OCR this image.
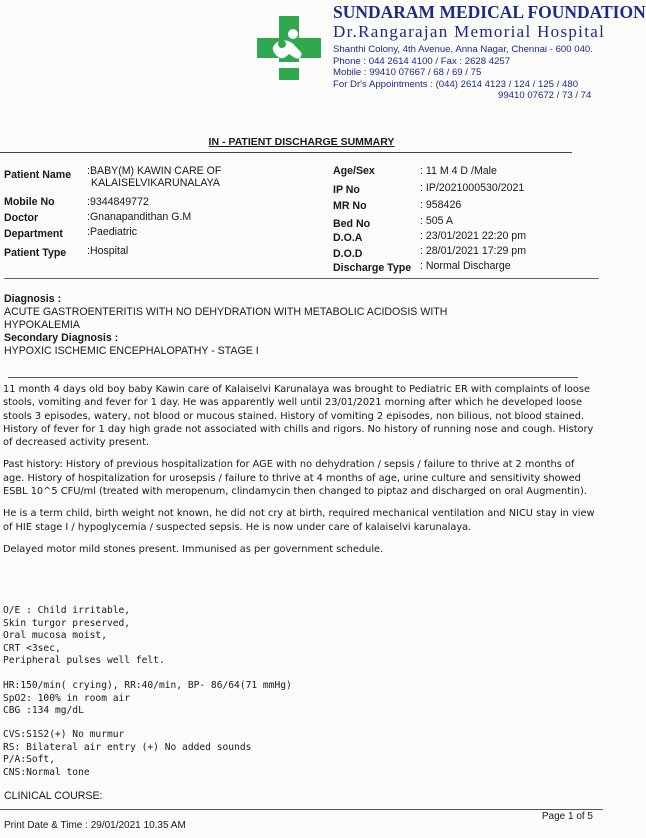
SUNDARAM MEDICAL FOUNDATION
Dr.Rangarajan Memorial Hospital
Shanthi Colony, 4th Avenue, Anna Nagar, Chennai - 600 040.
Phone : 044 2614 4100 / Fax : 2628 4257
Mobile : 99410 07667 / 68 / 69 / 75
For Dr's Appointments : (044) 2614 4123 / 124 / 125 / 480
99410 07672 / 73 / 74
IN - PATIENT DISCHARGE SUMMARY
Patient Name :BABY(M) KAWIN CARE OF
KALAISELVIKARUNALAYA
Mobile No	:9344849772
Doctor	:Gnanapandithan G.M
Department :Paediatric
Patient Type :Hospital
Age/Sex	: 11 M 4 D /Male
IP No	: IP/2021000530/2021
MR No	: 958426
Bed No	: 505 A
D.O.A	: 23/01/2021 22:20 pm
D.O.D	: 28/01/2021 17:29 pm
Discharge Type : Normal Discharge
Diagnosis :
ACUTE GASTROENTERITIS WITH NO DEHYDRATION WITH METABOLIC ACIDOSIS WITH
HYPOKALEMIA
Secondary Diagnosis :
HYPOXIC ISCHEMIC ENCEPHALOPATHY - STAGE I

11 month 4 days old boy baby Kawin care of Kalaiselvi Karunalaya was brought to Pediatric ER with complaints of loose stools, vomiting and fever for 1 day. He was apparently well until 23/01/2021 morning after which he developed loose stools 3 episodes, watery, not blood or mucous stained. History of vomiting 2 episodes, non bilious, not blood stained. History of fever for 1 day high grade not associated with chills and rigors. No history of running nose and cough. History of decreased activity present.

Past history: History of previous hospitalization for AGE with no dehydration / sepsis / failure to thrive at 2 months of age. History of hospitalization for urosepsis / failure to thrive at 4 months of age, urine culture and sensitivity showed ESBL 10^5 CFU/ml (treated with meropenum, clindamycin then changed to piptaz and discharged on oral Augmentin).

He is a term child, birth weight not known, he did not cry at birth, required mechanical ventilation and NICU stay in view of HIE stage I / hypoglycemia / suspected sepsis. He is now under care of kalaiselvi karunalaya.

Delayed motor mild stones present. Immunised as per government schedule.

O/E : Child irritable,
Skin turgor preserved,
Oral mucosa moist,
CRT <3sec,
Peripheral pulses well felt.
HR:150/min( crying), RR:40/min, BP- 86/64(71 mmHg)
SpO2: 100% in room air
CBG :134 mg/dL
CVS:S1S2(+) No murmur
RS: Bilateral air entry (+) No added sounds
P/A:Soft,
CNS:Normal tone
CLINICAL COURSE:
Print Date & Time : 29/01/2021 10.35 AM
Page 1 of 5
